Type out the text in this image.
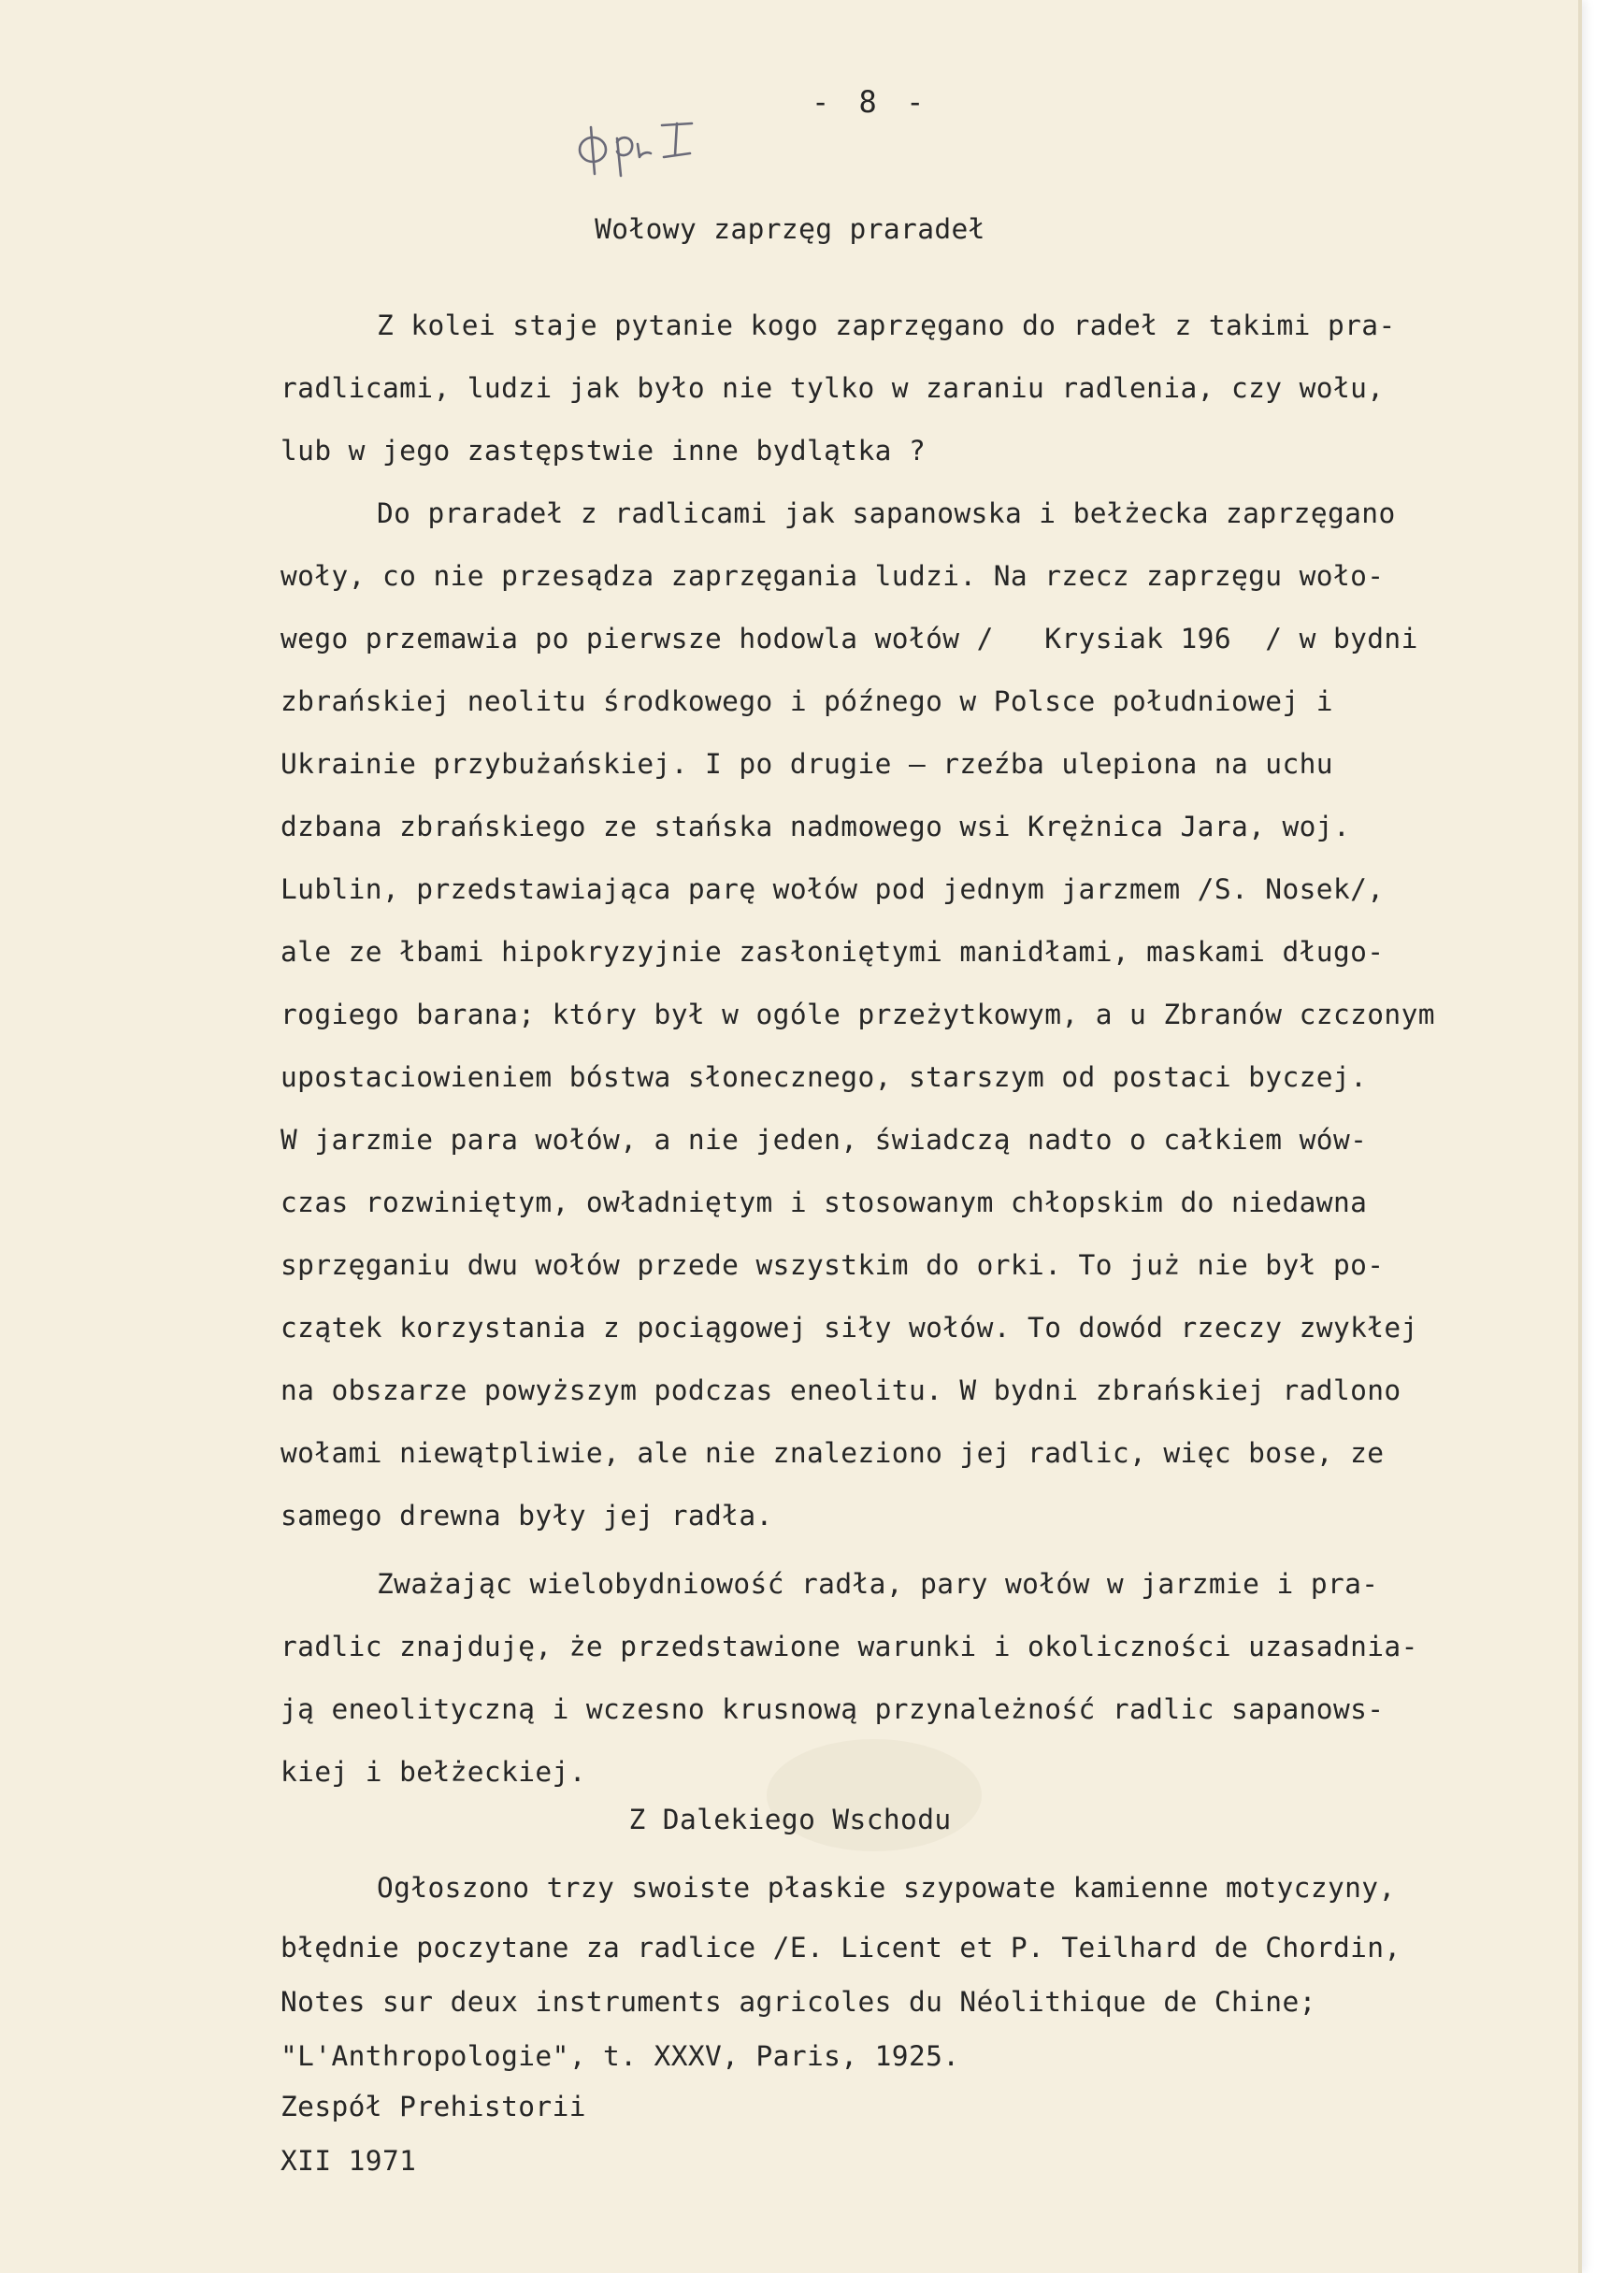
- 8 -
Wołowy zaprzęg praradeł
Z kolei staje pytanie kogo zaprzęgano do radeł z takimi pra-
radlicami, ludzi jak było nie tylko w zaraniu radlenia, czy wołu,
lub w jego zastępstwie inne bydlątka ?
Do praradeł z radlicami jak sapanowska i bełżecka zaprzęgano
woły, co nie przesądza zaprzęgania ludzi. Na rzecz zaprzęgu woło-
wego przemawia po pierwsze hodowla wołów /   Krysiak 196  / w bydni
zbrańskiej neolitu środkowego i późnego w Polsce południowej i
Ukrainie przybużańskiej. I po drugie — rzeźba ulepiona na uchu
dzbana zbrańskiego ze stańska nadmowego wsi Krężnica Jara, woj.
Lublin, przedstawiająca parę wołów pod jednym jarzmem /S. Nosek/,
ale ze łbami hipokryzyjnie zasłoniętymi manidłami, maskami długo-
rogiego barana; który był w ogóle przeżytkowym, a u Zbranów czczonym
upostaciowieniem bóstwa słonecznego, starszym od postaci byczej.
W jarzmie para wołów, a nie jeden, świadczą nadto o całkiem wów-
czas rozwiniętym, owładniętym i stosowanym chłopskim do niedawna
sprzęganiu dwu wołów przede wszystkim do orki. To już nie był po-
czątek korzystania z pociągowej siły wołów. To dowód rzeczy zwykłej
na obszarze powyższym podczas eneolitu. W bydni zbrańskiej radlono
wołami niewątpliwie, ale nie znaleziono jej radlic, więc bose, ze
samego drewna były jej radła.
Zważając wielobydniowość radła, pary wołów w jarzmie i pra-
radlic znajduję, że przedstawione warunki i okoliczności uzasadnia-
ją eneolityczną i wczesno krusnową przynależność radlic sapanows-
kiej i bełżeckiej.
Z Dalekiego Wschodu
Ogłoszono trzy swoiste płaskie szypowate kamienne motyczyny,
błędnie poczytane za radlice /E. Licent et P. Teilhard de Chordin,
Notes sur deux instruments agricoles du Néolithique de Chine;
"L'Anthropologie", t. XXXV, Paris, 1925.
Zespół Prehistorii
XII 1971
